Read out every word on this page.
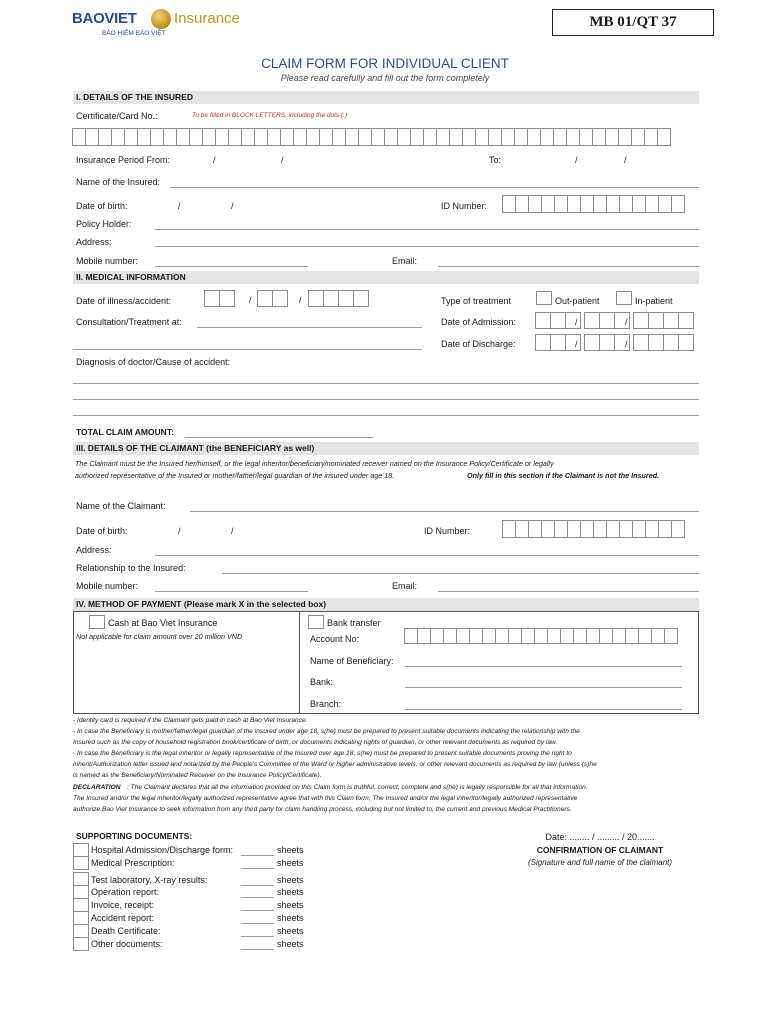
BAOVIET Insurance
BẢO HIỂM BẢO VIỆT
MB 01/QT 37
CLAIM FORM FOR INDIVIDUAL CLIENT
Please read carefully and fill out the form completely
I. DETAILS OF THE INSURED
Certificate/Card No.:	To be filled in BLOCK LETTERS, including the dots (.)
Insurance Period From:	/	/	To:	/	/
Name of the Insured:
Date of birth:	/	/	ID Number:
Policy Holder:
Address:
Mobile number:	Email:
II. MEDICAL INFORMATION
Date of illness/accident:	/	/	Type of treatment	Out-patient	In-patient
Consultation/Treatment at:	Date of Admission:	/	/
Date of Discharge:	/	/
Diagnosis of doctor/Cause of accident:
TOTAL CLAIM AMOUNT:
III. DETAILS OF THE CLAIMANT (the BENEFICIARY as well)
The Claimant must be the Insured her/himself, or the legal inheritor/beneficiary/nominated receiver named on the Insurance Policy/Certificate or legally
authorized representative of the Insured or mother/father/legal guardian of the insured under age 18.	Only fill in this section if the Claimant is not the Insured.
Name of the Claimant:
Date of birth:	/	/	ID Number:
Address:
Relationship to the Insured:
Mobile number:	Email:
IV. METHOD OF PAYMENT (Please mark X in the selected box)
Cash at Bao Viet Insurance
Not applicable for claim amount over 20 million VND
Bank transfer
Account No:
Name of Beneficiary:
Bank:
Branch:
- Identity card is required if the Claimant gets paid in cash at Bao Viet Insurance.
- In case the Beneficiary is mother/father/legal guardian of the insured under age 18, s(he) must be prepared to present suitable documents indicating the relationship with the
Insured such as the copy of household registration book/certificate of birth, or documents indicating rights of guardian, or other relevant documents as required by law.
- In case the Beneficiary is the legal inheritor or legally representative of the Insured over age 18, s(he) must be prepared to present suitable documents proving the right to
inherit/Authorization letter issued and notarized by the People's Committee of the Ward or higher administrative levels, or other relevant documents as required by law (unless (s)he
is named as the Beneficiary/Nominated Receiver on the Insurance Policy/Certificate).
DECLARATION : The Claimant declares that all the information provided on this Claim form is truthful, correct, complete and s(he) is legally responsible for all that information.
The Insured and/or the legal inheritor/legally authorized representative agree that with this Claim form, The Insured and/or the legal inheritor/legally authorized representative
authorize Bao Viet Insurance to seek information from any third party for claim handling process, including but not limited to, the current and previous Medical Practitioners.
SUPPORTING DOCUMENTS:
Hospital Admission/Discharge form:	sheets
Medical Prescription:	sheets
Test laboratory, X-ray results:	sheets
Operation report:	sheets
Invoice, receipt:	sheets
Accident report:	sheets
Death Certificate:	sheets
Other documents:	sheets
Date: ........ / ......... / 20.......
CONFIRMATION OF CLAIMANT
(Signature and full name of the claimant)
